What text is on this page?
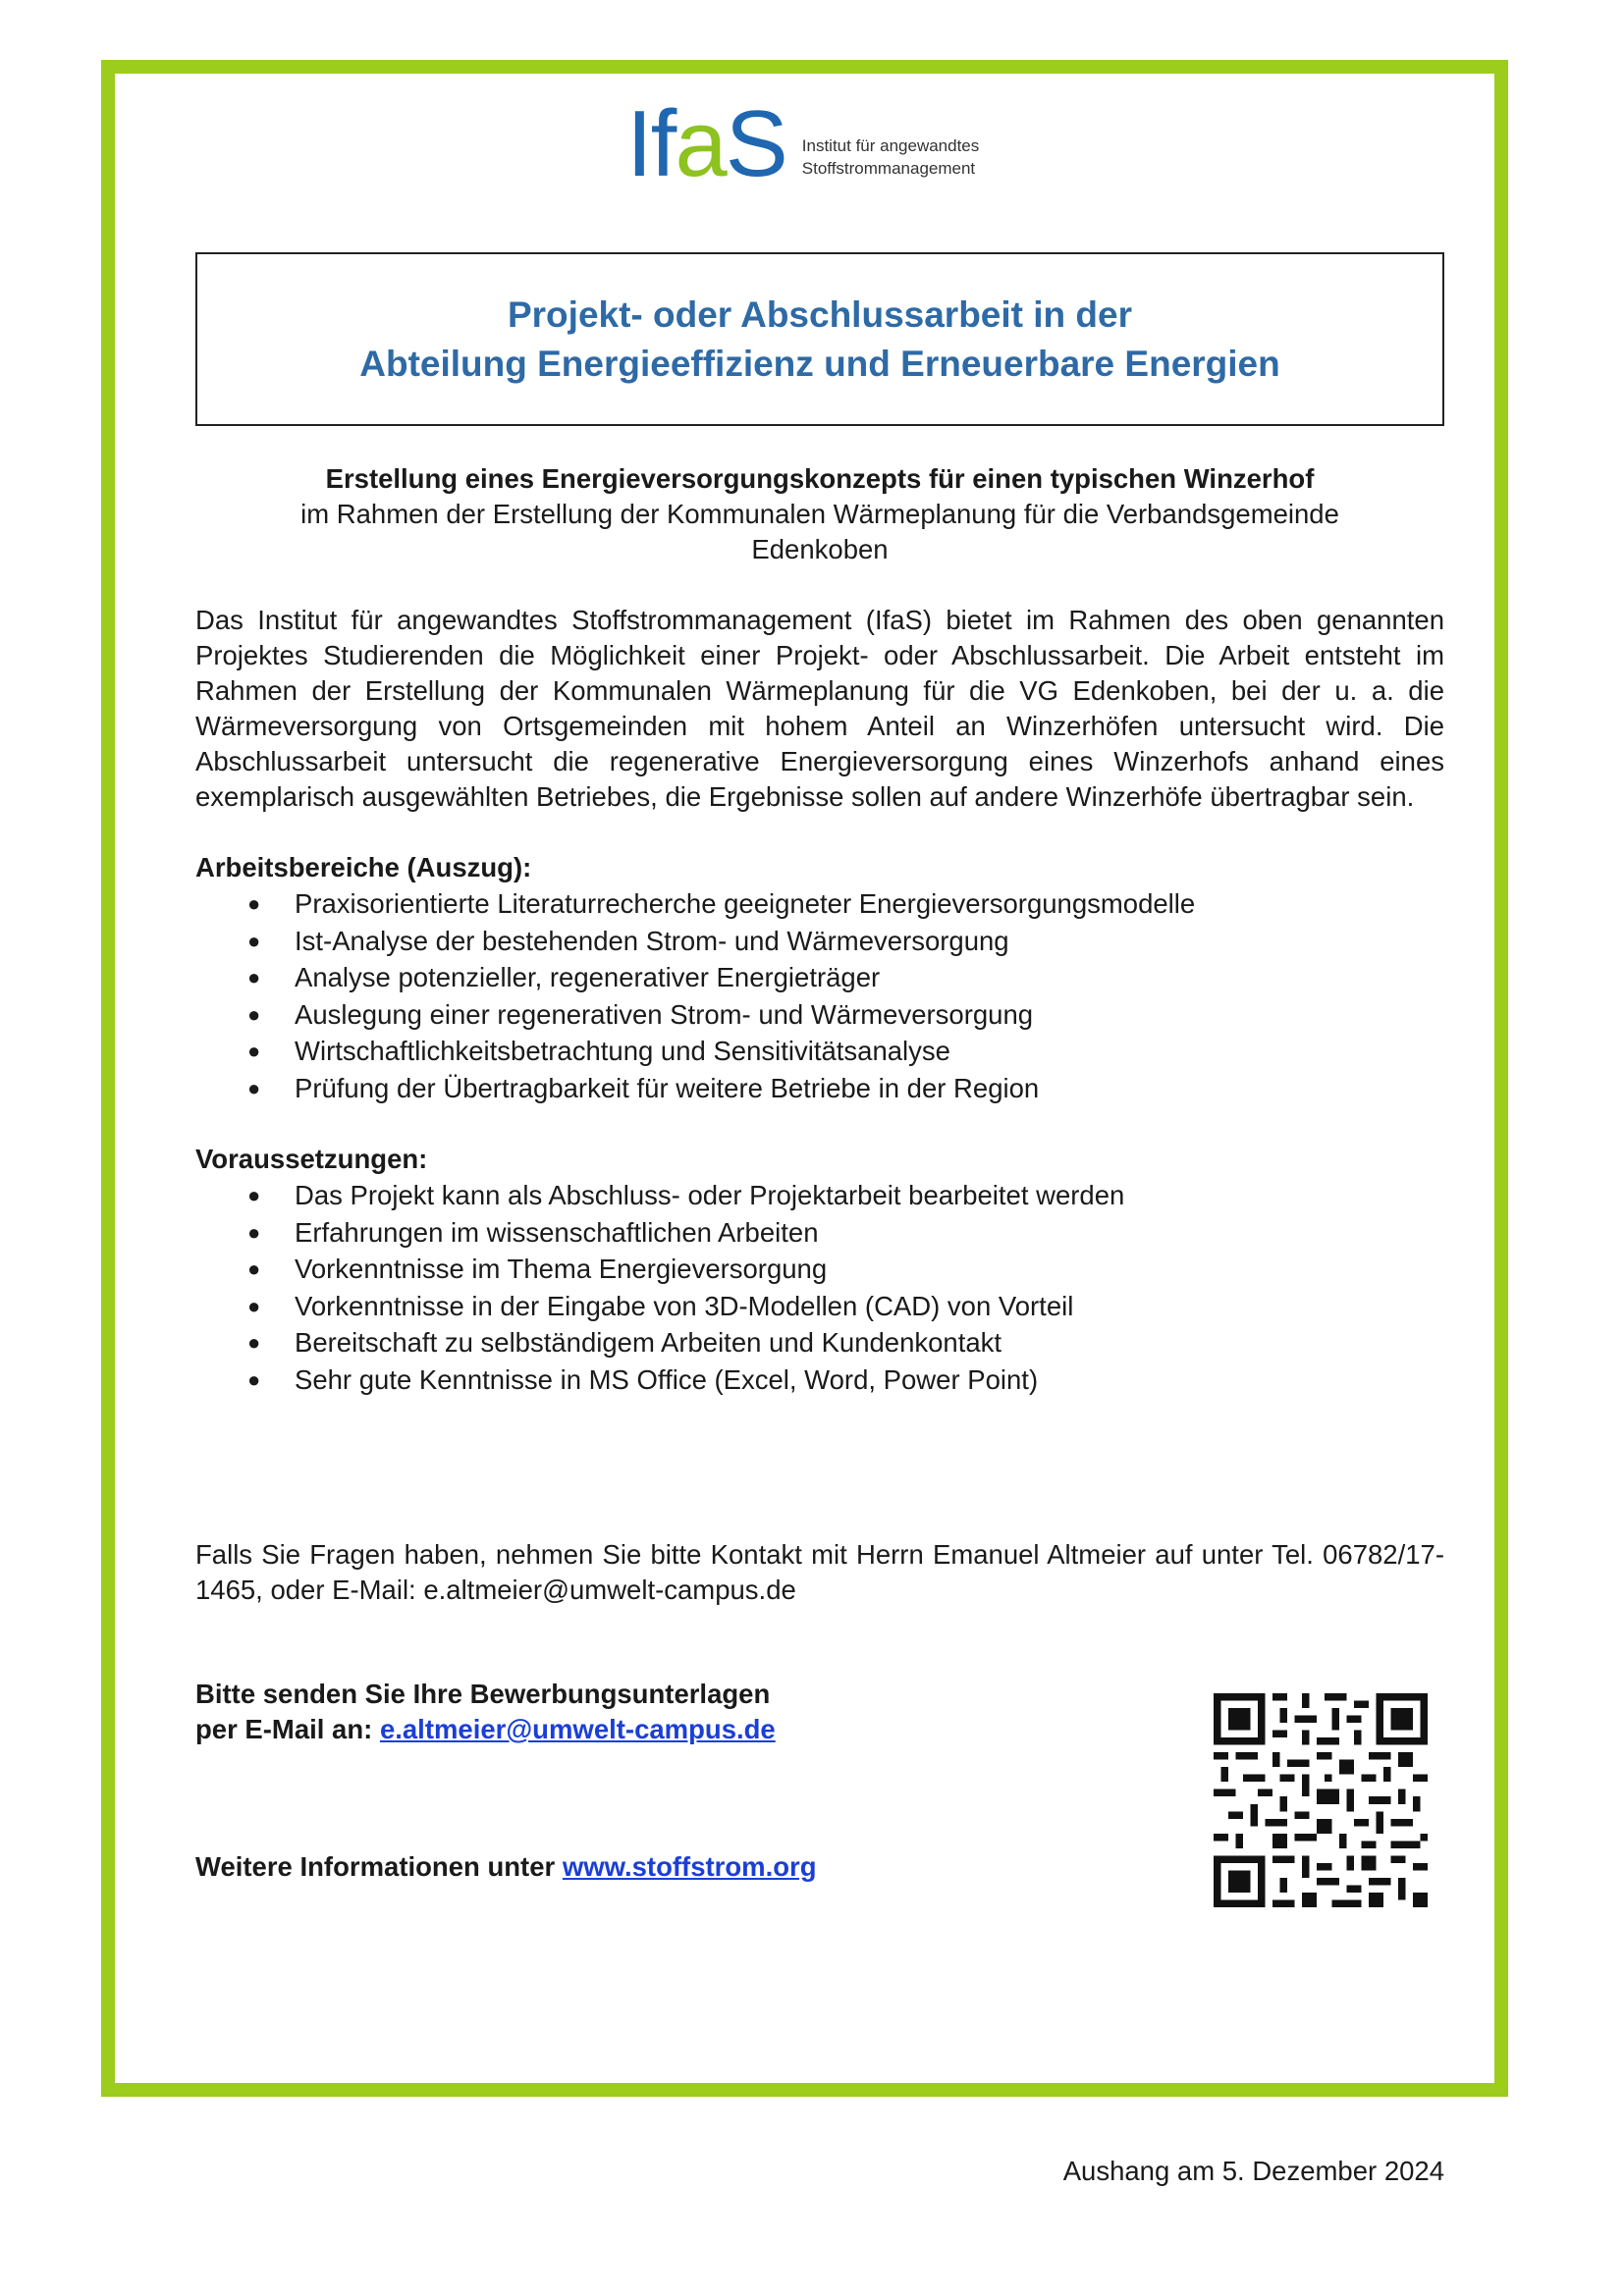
IfaS Institut für angewandtes
Stoffstrommanagement
Projekt- oder Abschlussarbeit in der
Abteilung Energieeffizienz und Erneuerbare Energien
Erstellung eines Energieversorgungskonzepts für einen typischen Winzerhof
im Rahmen der Erstellung der Kommunalen Wärmeplanung für die Verbandsgemeinde
Edenkoben
Das Institut für angewandtes Stoffstrommanagement (IfaS) bietet im Rahmen des oben genannten Projektes Studierenden die Möglichkeit einer Projekt- oder Abschlussarbeit. Die Arbeit entsteht im Rahmen der Erstellung der Kommunalen Wärmeplanung für die VG Edenkoben, bei der u. a. die Wärmeversorgung von Ortsgemeinden mit hohem Anteil an Winzerhöfen untersucht wird. Die Abschlussarbeit untersucht die regenerative Energieversorgung eines Winzerhofs anhand eines exemplarisch ausgewählten Betriebes, die Ergebnisse sollen auf andere Winzerhöfe übertragbar sein.
Arbeitsbereiche (Auszug):
● Praxisorientierte Literaturrecherche geeigneter Energieversorgungsmodelle
● Ist-Analyse der bestehenden Strom- und Wärmeversorgung
● Analyse potenzieller, regenerativer Energieträger
● Auslegung einer regenerativen Strom- und Wärmeversorgung
● Wirtschaftlichkeitsbetrachtung und Sensitivitätsanalyse
● Prüfung der Übertragbarkeit für weitere Betriebe in der Region
Voraussetzungen:
● Das Projekt kann als Abschluss- oder Projektarbeit bearbeitet werden
● Erfahrungen im wissenschaftlichen Arbeiten
● Vorkenntnisse im Thema Energieversorgung
● Vorkenntnisse in der Eingabe von 3D-Modellen (CAD) von Vorteil
● Bereitschaft zu selbständigem Arbeiten und Kundenkontakt
● Sehr gute Kenntnisse in MS Office (Excel, Word, Power Point)
Falls Sie Fragen haben, nehmen Sie bitte Kontakt mit Herrn Emanuel Altmeier auf unter Tel. 06782/17-1465, oder E-Mail: e.altmeier@umwelt-campus.de
Bitte senden Sie Ihre Bewerbungsunterlagen
per E-Mail an: e.altmeier@umwelt-campus.de
Weitere Informationen unter www.stoffstrom.org
Aushang am 5. Dezember 2024
